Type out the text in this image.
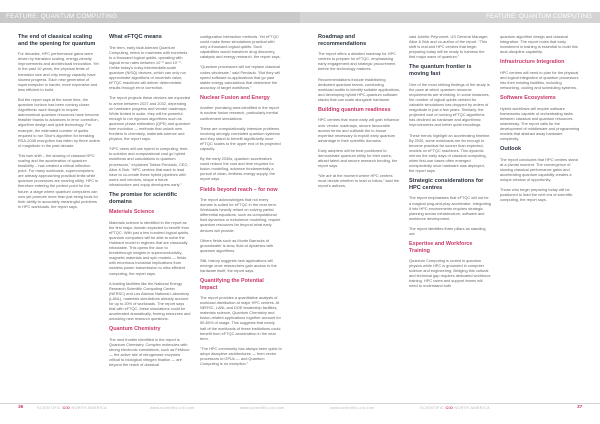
FEATURE: QUANTUM COMPUTING	FEATURE: QUANTUM COMPUTING
The end of classical scaling and the opening for quantum

For decades, HPC performance gains were driven by transistor scaling, energy-density improvements and architectural innovation. Yet in the past 10 years, the physical limits of transistor size and chip energy capacity have slowed progress. Each new generation of supercomputer is harder, more expensive and less efficient to build.

But the report says at the same time, the quantum horizon has been coming closer. Algorithmic work thought to require astronomical quantum resources have become feasible thanks to advances in error correction, algorithm design and qubit technology. For example, the estimated number of qubits required to run Shor's algorithm for breaking RSA-2048 encryption has fallen by three orders of magnitude in the past decade.

This twin shift – the slowing of classical HPC scaling and the acceleration of quantum feasibility – has created a critical inflection point. For many workloads, supercomputers are already approaching practical limits while quantum processors are nearing utility. HPC is therefore entering the perfect point for the future: a stage where quantum computers can now yet promote more than just being tools for their ability to accurately meaningful problems in HPC workloads, the report says.

What eFTQC means

The term, early fault-tolerant Quantum Computing, refers to machines with hundreds to a thousand logical qubits, operating with logical error rates between 10⁻⁶ and 10⁻⁹. Unlike today's noisy intermediate-scale quantum (NISQ) devices, which can only run approximate algorithms of uncertain value, eFTQC machines will deliver deterministic results through error correction.

The report projects these devices are expected to arrive between 2027 and 2032, depending on hardware progress and vendor roadmaps. While limited in scale, they will be powerful enough to run rigorous algorithms such as quantum phase estimation (QPE) and quantum time evolution — methods that unlock new frontiers in chemistry, materials science and physics, the report says.

“HPC users will use hybrid in computing, time-to-solution and computational cost go hybrid workflows and calculations to quantum processors,” explained Tobias Perciado, CEO, Alice & Bob. “HPC centres that want to lead have to co-create these hybrid pipelines with users and vendors, shape a future infrastructure and equip developers early.”

The promise for scientific domains
Materials Science

Materials science is identified in the report as the first major domain expected to benefit from eFTQC. With just a few hundred logical qubits, quantum computers will be able to solve the Hubbard model in regimes that are classically intractable. This opens the door to breakthrough insights in superconductivity, magnetic materials and spin models — fields with enormous industrial implications from lossless power transmission to ultra-efficient computing, the report says.

A leading facilities like the National Energy Research Scientific Computing Center (NERSC) and Los Alamos National Laboratory (LANL), materials simulations already account for up to 20% of workloads. The report says that with eFTQC, these simulations could be accelerated dramatically, freeing resources and unlocking new research questions.

Quantum Chemistry

The next frontier identified in the report is Quantum Chemistry. Complex molecules with strong electronic correlations, such as FeMoco — the active site of nitrogenase enzymes critical to biological nitrogen fixation — are beyond the reach of classical

configuration interaction methods. Yet eFTQC could make these simulations practical with only a thousand logical qubits. Such capabilities would transform drug discovery, catalysis and energy research, the report says.

“Quantum processors will not replace classical codes wholesale,” said Perciado. “But they will speed software-to-applications that go past stable energy calculations that determine the accuracy of target workflows.”

Nuclear Fusion and Energy

Another promising area identified in the report is nuclear fusion research, particularly inertial confinement simulations.

These are computationally intensive problems involving strongly correlated quantum systems and they stand to benefit significantly once eFTQC scales to the upper end of its projected capacity.

By the early 2030s, quantum accelerators could reduce the cost and time required for fusion modelling, advance fundamentally a pursuit of clean, limitless energy supply, the report says.

Fields beyond reach – for now

The report acknowledges that not every domain is suited for eFTQC in the near term. Workloads heavily reliant on solving partial differential equations, such as computational fluid dynamics or turbulence modelling, require quantum resources far beyond what early devices will provide.

Others fields such as Monte Barracks of groundwater is slow, fluid at dynamics with quantum algorithms.

Still, history suggests new applications will emerge once researchers gain access to the hardware itself, the report says.

Quantifying the Potential Impact

The report provides a quantitative analysis of workload distribution at major HPC centres. At NERSC, LANL and DOE leadership facilities, materials science, Quantum Chemistry and fusion-related applications together account for 50-60% of usage. This suggests that nearly half of the workloads of these institutions could benefit from eFTQC acceleration in the near term.

“The HPC community has always been quick to adopt disruptive architectures — from vector processors to GPUs — and Quantum Computing is no exception.”

Roadmap and recommendations

The report offers a detailed roadmap for HPC centres to prepare for eFTQC, emphasising early engagement and strategic procurement before the technology matures.

Recommendations include establishing dedicated quantum teams, conducting workload audits to identify suitable applications, and developing hybrid HPC-quantum software stacks that can scale alongside hardware.

Building quantum readiness

HPC centres that move early will gain influence over vendor roadmaps, secure favourable access terms and cultivate the in-house expertise necessary to exploit early quantum advantage in their scientific domains.

Early adopters will be best positioned to demonstrate quantum utility for their users, attract talent and secure research funding, the report says.

“We are at the moment where HPC centres must decide whether to lead or follow,” said the report's authors.

said Juliette Peyronnet, US General Manager, Alice & Bob and co-author of the report. “This shift is real and HPC centres that begin preparing today will be ready to harness the first major wave of quantum.”

The quantum frontier is moving fast

One of the most striking findings of the study is the pace at which quantum resource requirements are shrinking. In some instances, the number of logical qubits needed for valuable simulations has dropped by orders of magnitude in just a few years. Similarly, the projected cost of running eFTQC algorithms has declined as hardware and algorithmic improvements and better qubit encodings.

These trends highlight an accelerating timeline. By 2030, some workloads are far enough to become practical far sooner than expected, models on eFTQC machines. This dynamic mirrors the early days of classical computing, when first-use cases often emerged unexpectedly once hardware was deployed, the report says.

Strategic considerations for HPC centres

The report emphasises that eFTQC will not be a magical plug-and-play accelerator. Integrating it into HPC environments requires strategic planning across infrastructure, software and workforce development.

The report identifies three pillars as standing out:

Expertise and Workforce Training

Quantum Computing is rooted in quantum physics while HPC is grounded in computer science and engineering. Bridging this cultural and technical gap requires dedicated workforce training. HPC users and support teams will need to understand both

quantum algorithm design and classical integration. The report notes that early investment in training is essential to build this dual-discipline capability.

Infrastructure Integration

HPC centres will need to plan for the physical and logical integration of quantum processors into their existing facilities, including networking, cooling and scheduling systems.

Software Ecosystems

Hybrid workflows will require software frameworks capable of orchestrating tasks between classical and quantum resources seamlessly. The report calls for the development of middleware and programming models that abstract away hardware complexity.

Outlook

The report concludes that HPC centres stand at a pivotal moment. The convergence of slowing classical performance gains and accelerating quantum capability creates a unique window of opportunity.

Those who begin preparing today will be positioned to lead the next era of scientific computing, the report says.

36	37
SCIENTIFIC CIO NORTH AMERICA	www.scientific-cio.com	www.scientific-cio.com	SCIENTIFIC CIO NORTH AMERICA
www.scientific-cio.com
